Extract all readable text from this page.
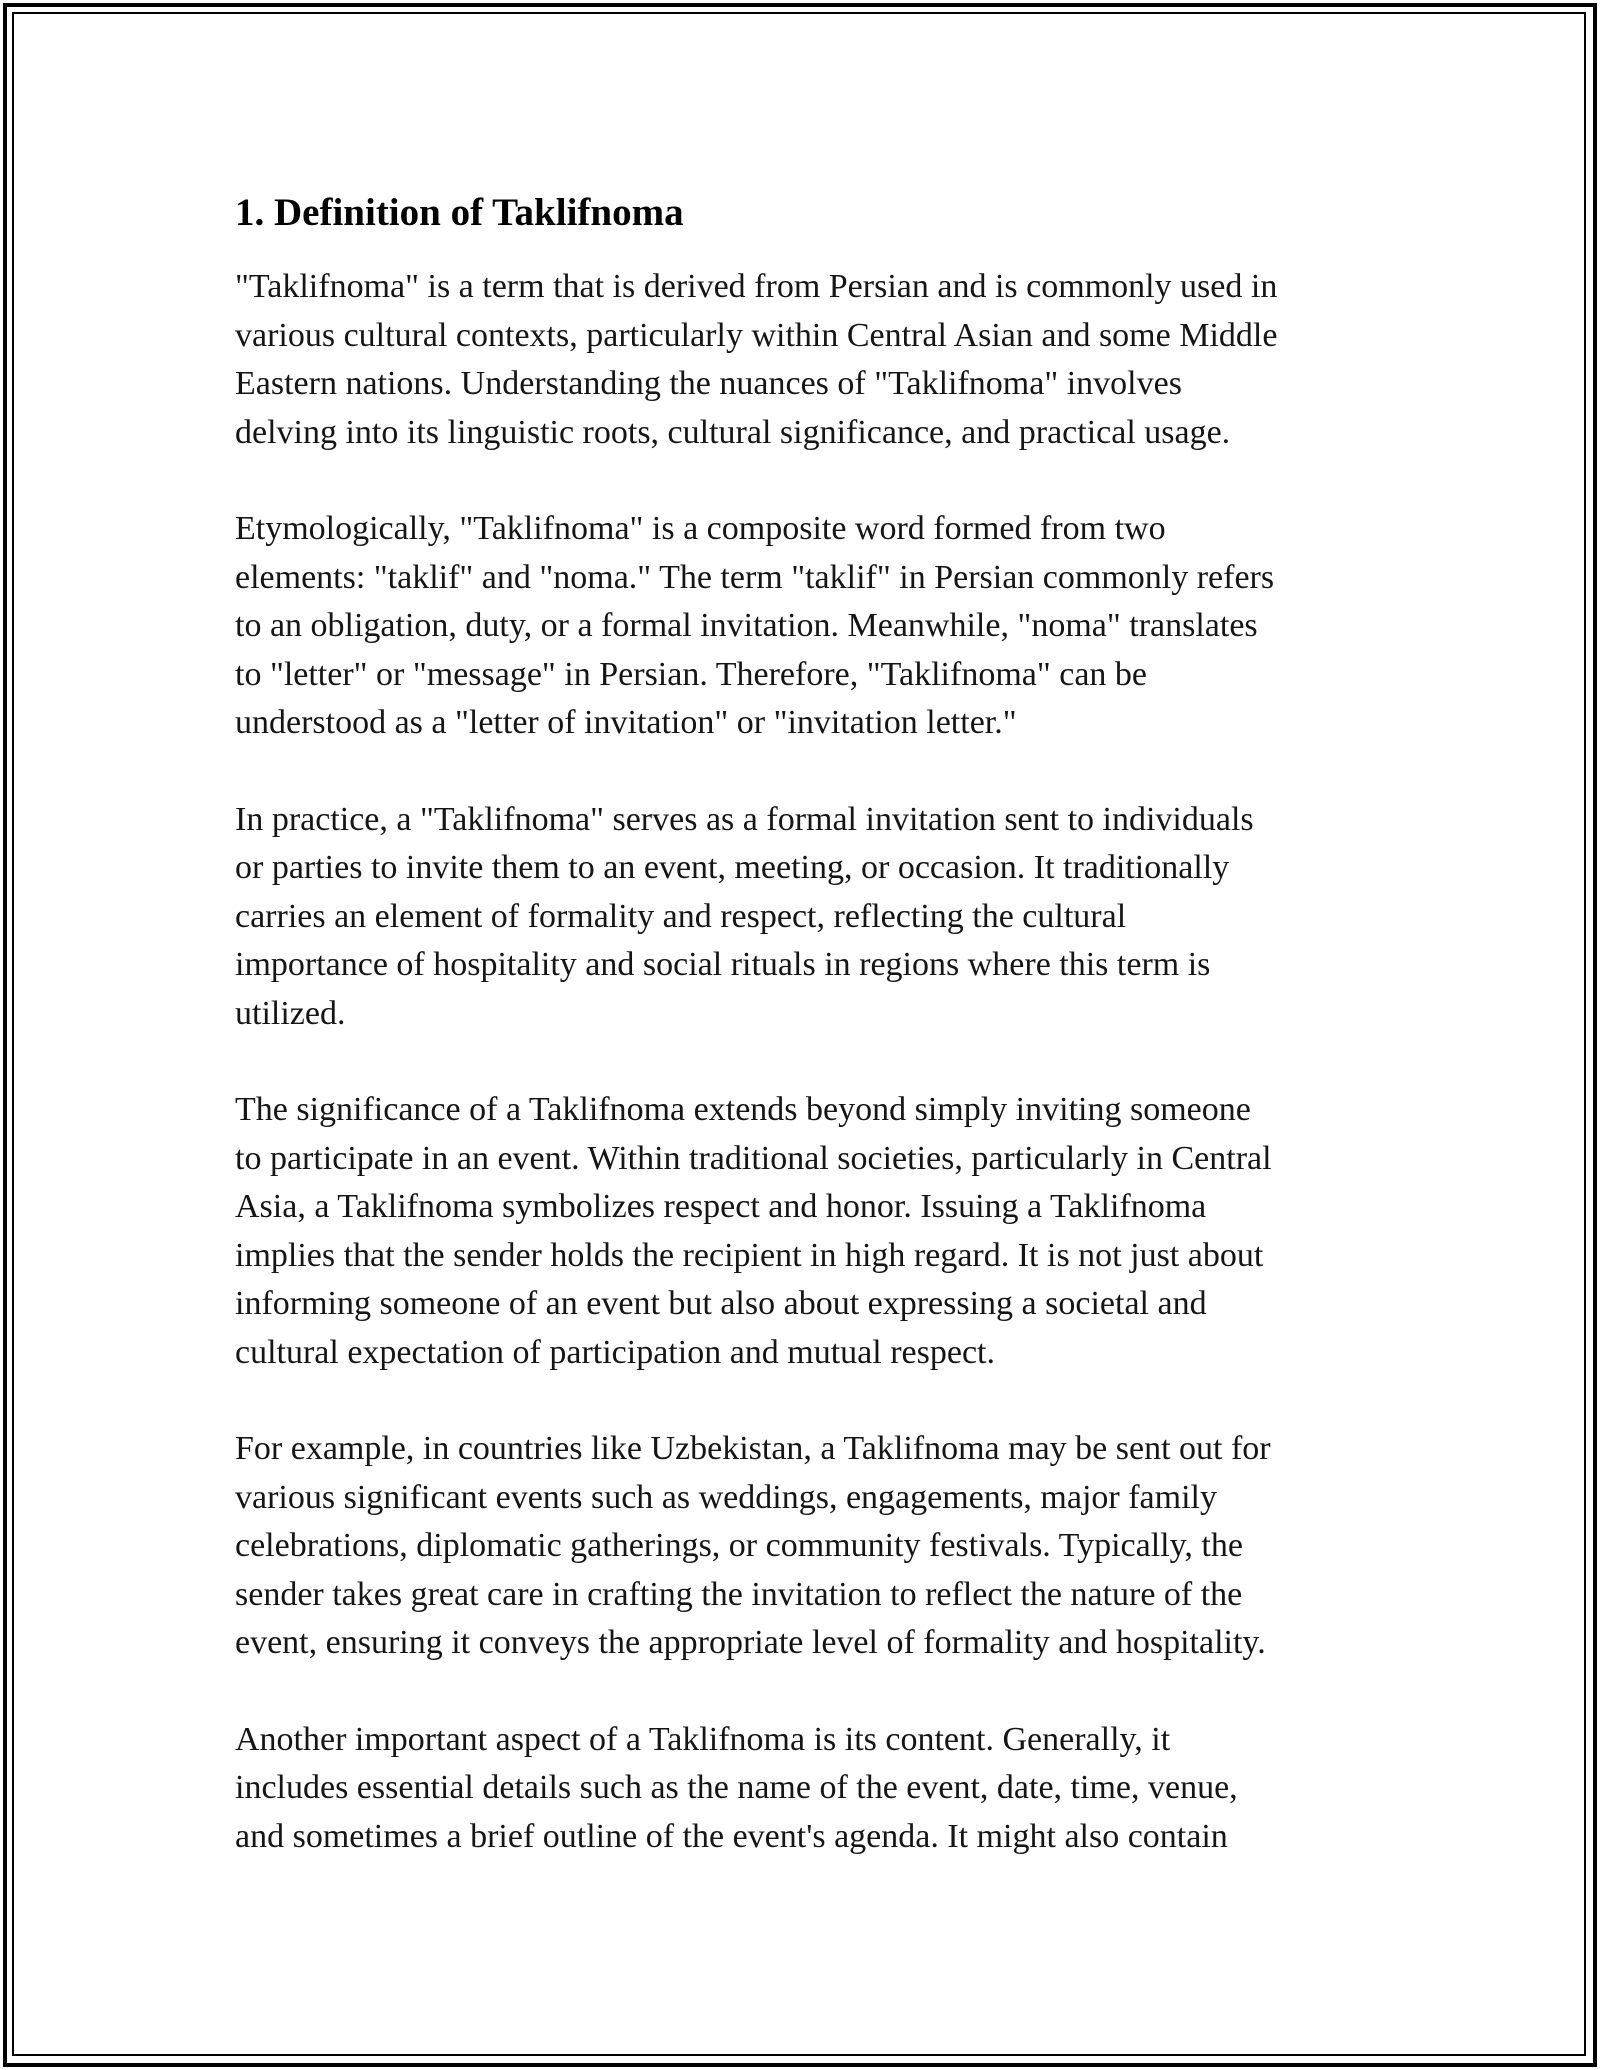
1. Definition of Taklifnoma

"Taklifnoma" is a term that is derived from Persian and is commonly used in
various cultural contexts, particularly within Central Asian and some Middle
Eastern nations. Understanding the nuances of "Taklifnoma" involves
delving into its linguistic roots, cultural significance, and practical usage.

Etymologically, "Taklifnoma" is a composite word formed from two
elements: "taklif" and "noma." The term "taklif" in Persian commonly refers
to an obligation, duty, or a formal invitation. Meanwhile, "noma" translates
to "letter" or "message" in Persian. Therefore, "Taklifnoma" can be
understood as a "letter of invitation" or "invitation letter."

In practice, a "Taklifnoma" serves as a formal invitation sent to individuals
or parties to invite them to an event, meeting, or occasion. It traditionally
carries an element of formality and respect, reflecting the cultural
importance of hospitality and social rituals in regions where this term is
utilized.

The significance of a Taklifnoma extends beyond simply inviting someone
to participate in an event. Within traditional societies, particularly in Central
Asia, a Taklifnoma symbolizes respect and honor. Issuing a Taklifnoma
implies that the sender holds the recipient in high regard. It is not just about
informing someone of an event but also about expressing a societal and
cultural expectation of participation and mutual respect.

For example, in countries like Uzbekistan, a Taklifnoma may be sent out for
various significant events such as weddings, engagements, major family
celebrations, diplomatic gatherings, or community festivals. Typically, the
sender takes great care in crafting the invitation to reflect the nature of the
event, ensuring it conveys the appropriate level of formality and hospitality.

Another important aspect of a Taklifnoma is its content. Generally, it
includes essential details such as the name of the event, date, time, venue,
and sometimes a brief outline of the event's agenda. It might also contain
